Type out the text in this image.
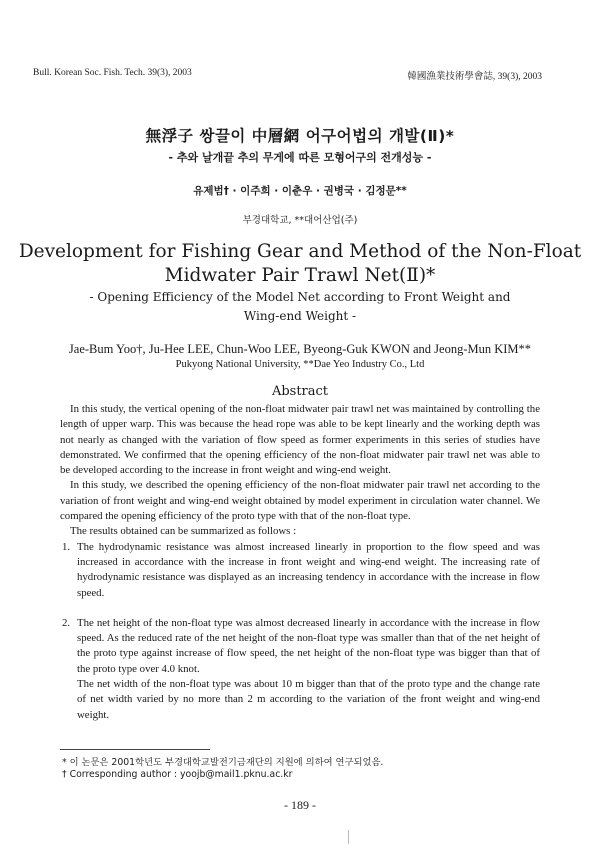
Bull. Korean Soc. Fish. Tech. 39(3), 2003	韓國漁業技術學會誌, 39(3), 2003
無浮子 쌍끌이 中層網 어구어법의 개발(Ⅱ)*
- 추와 날개끝 추의 무게에 따른 모형어구의 전개성능 -
유제범† · 이주희 · 이춘우 · 권병국 · 김정문**
부경대학교, **대어산업(주)
Development for Fishing Gear and Method of the Non-Float
Midwater Pair Trawl Net(Ⅱ)*
- Opening Efficiency of the Model Net according to Front Weight and
Wing-end Weight -
Jae-Bum Yoo†, Ju-Hee LEE, Chun-Woo LEE, Byeong-Guk KWON and Jeong-Mun KIM**
Pukyong National University, **Dae Yeo Industry Co., Ltd
Abstract

In this study, the vertical opening of the non-float midwater pair trawl net was maintained by controlling the length of upper warp. This was because the head rope was able to be kept linearly and the working depth was not nearly as changed with the variation of flow speed as former experiments in this series of studies have demonstrated. We confirmed that the opening efficiency of the non-float midwater pair trawl net was able to be developed according to the increase in front weight and wing-end weight.

In this study, we described the opening efficiency of the non-float midwater pair trawl net according to the variation of front weight and wing-end weight obtained by model experiment in circulation water channel. We compared the opening efficiency of the proto type with that of the non-float type.

The results obtained can be summarized as follows :

1. The hydrodynamic resistance was almost increased linearly in proportion to the flow speed and was increased in accordance with the increase in front weight and wing-end weight. The increasing rate of hydrodynamic resistance was displayed as an increasing tendency in accordance with the increase in flow speed.
2. The net height of the non-float type was almost decreased linearly in accordance with the increase in flow speed. As the reduced rate of the net height of the non-float type was smaller than that of the net height of the proto type against increase of flow speed, the net height of the non-float type was bigger than that of the proto type over 4.0 knot.
The net width of the non-float type was about 10 m bigger than that of the proto type and the change rate of net width varied by no more than 2 m according to the variation of the front weight and wing-end weight.
* 이 논문은 2001학년도 부경대학교발전기금재단의 지원에 의하여 연구되었음.
† Corresponding author : yoojb@mail1.pknu.ac.kr
- 189 -
